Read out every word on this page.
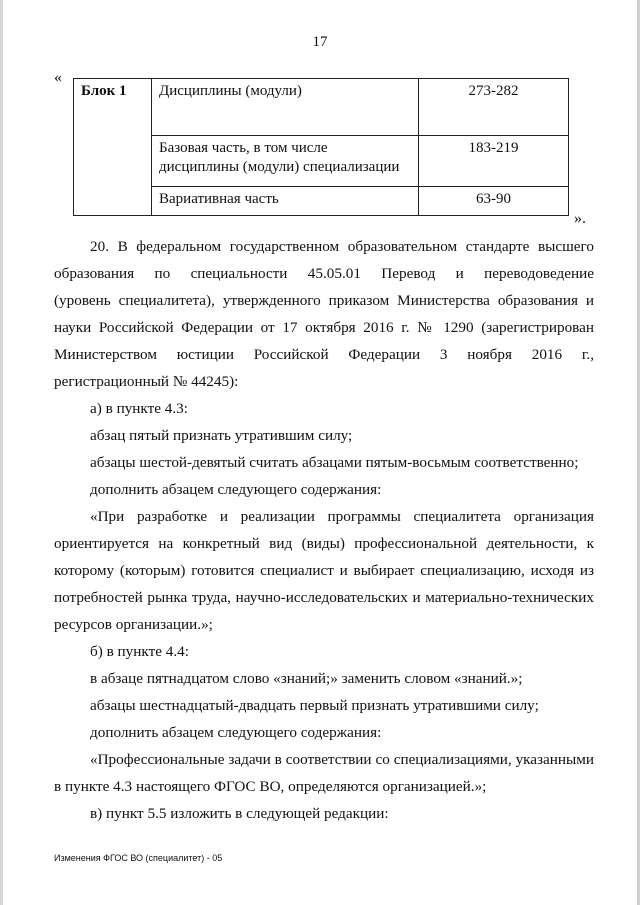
17
«
Блок 1	Дисциплины (модули)	273-282
	Базовая часть, в том числе дисциплины (модули) специализации	183-219
	Вариативная часть	63-90
».
20. В федеральном государственном образовательном стандарте высшего
образования по специальности 45.05.01 Перевод и переводоведение
(уровень специалитета), утвержденного приказом Министерства образования и
науки Российской Федерации от 17 октября 2016 г. № 1290 (зарегистрирован
Министерством юстиции Российской Федерации 3 ноября 2016 г.,
регистрационный № 44245):
а) в пункте 4.3:
абзац пятый признать утратившим силу;
абзацы шестой-девятый считать абзацами пятым-восьмым соответственно;
дополнить абзацем следующего содержания:
«При разработке и реализации программы специалитета организация
ориентируется на конкретный вид (виды) профессиональной деятельности, к
которому (которым) готовится специалист и выбирает специализацию, исходя из
потребностей рынка труда, научно-исследовательских и материально-технических
ресурсов организации.»;
б) в пункте 4.4:
в абзаце пятнадцатом слово «знаний;» заменить словом «знаний.»;
абзацы шестнадцатый-двадцать первый признать утратившими силу;
дополнить абзацем следующего содержания:
«Профессиональные задачи в соответствии со специализациями, указанными
в пункте 4.3 настоящего ФГОС ВО, определяются организацией.»;
в) пункт 5.5 изложить в следующей редакции:
Изменения ФГОС ВО (специалитет) - 05
